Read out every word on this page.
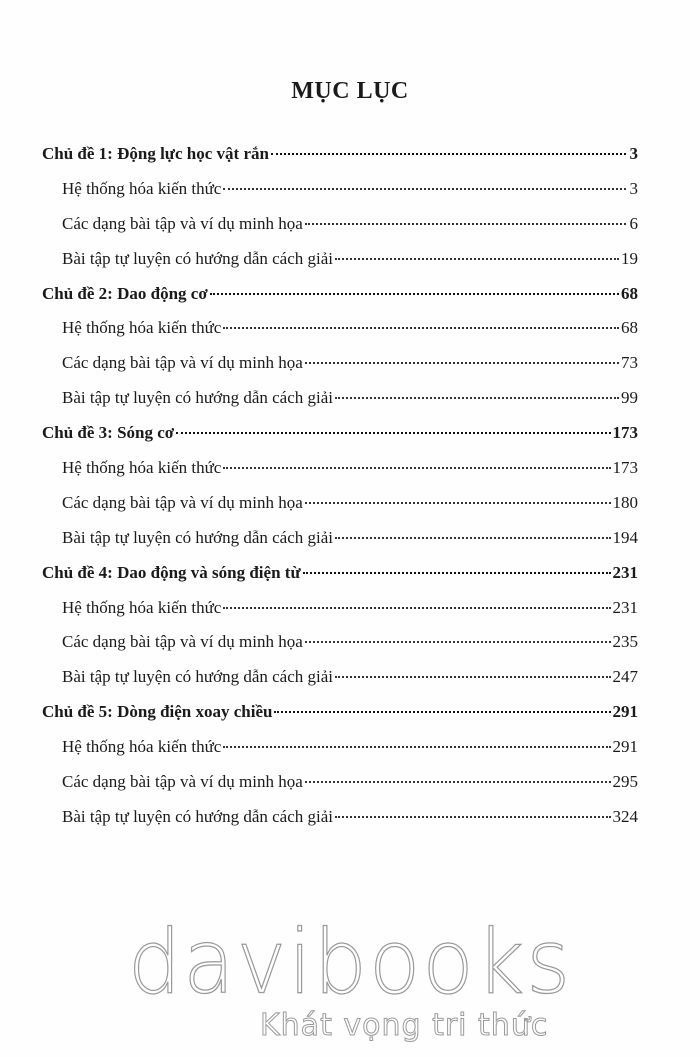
MỤC LỤC
Chủ đề 1: Động lực học vật rắn	3
Hệ thống hóa kiến thức	3
Các dạng bài tập và ví dụ minh họa	6
Bài tập tự luyện có hướng dẫn cách giải	19
Chủ đề 2: Dao động cơ	68
Hệ thống hóa kiến thức	68
Các dạng bài tập và ví dụ minh họa	73
Bài tập tự luyện có hướng dẫn cách giải	99
Chủ đề 3: Sóng cơ	173
Hệ thống hóa kiến thức	173
Các dạng bài tập và ví dụ minh họa	180
Bài tập tự luyện có hướng dẫn cách giải	194
Chủ đề 4: Dao động và sóng điện từ	231
Hệ thống hóa kiến thức	231
Các dạng bài tập và ví dụ minh họa	235
Bài tập tự luyện có hướng dẫn cách giải	247
Chủ đề 5: Dòng điện xoay chiều	291
Hệ thống hóa kiến thức	291
Các dạng bài tập và ví dụ minh họa	295
Bài tập tự luyện có hướng dẫn cách giải	324
davibooks
Khát vọng tri thức
